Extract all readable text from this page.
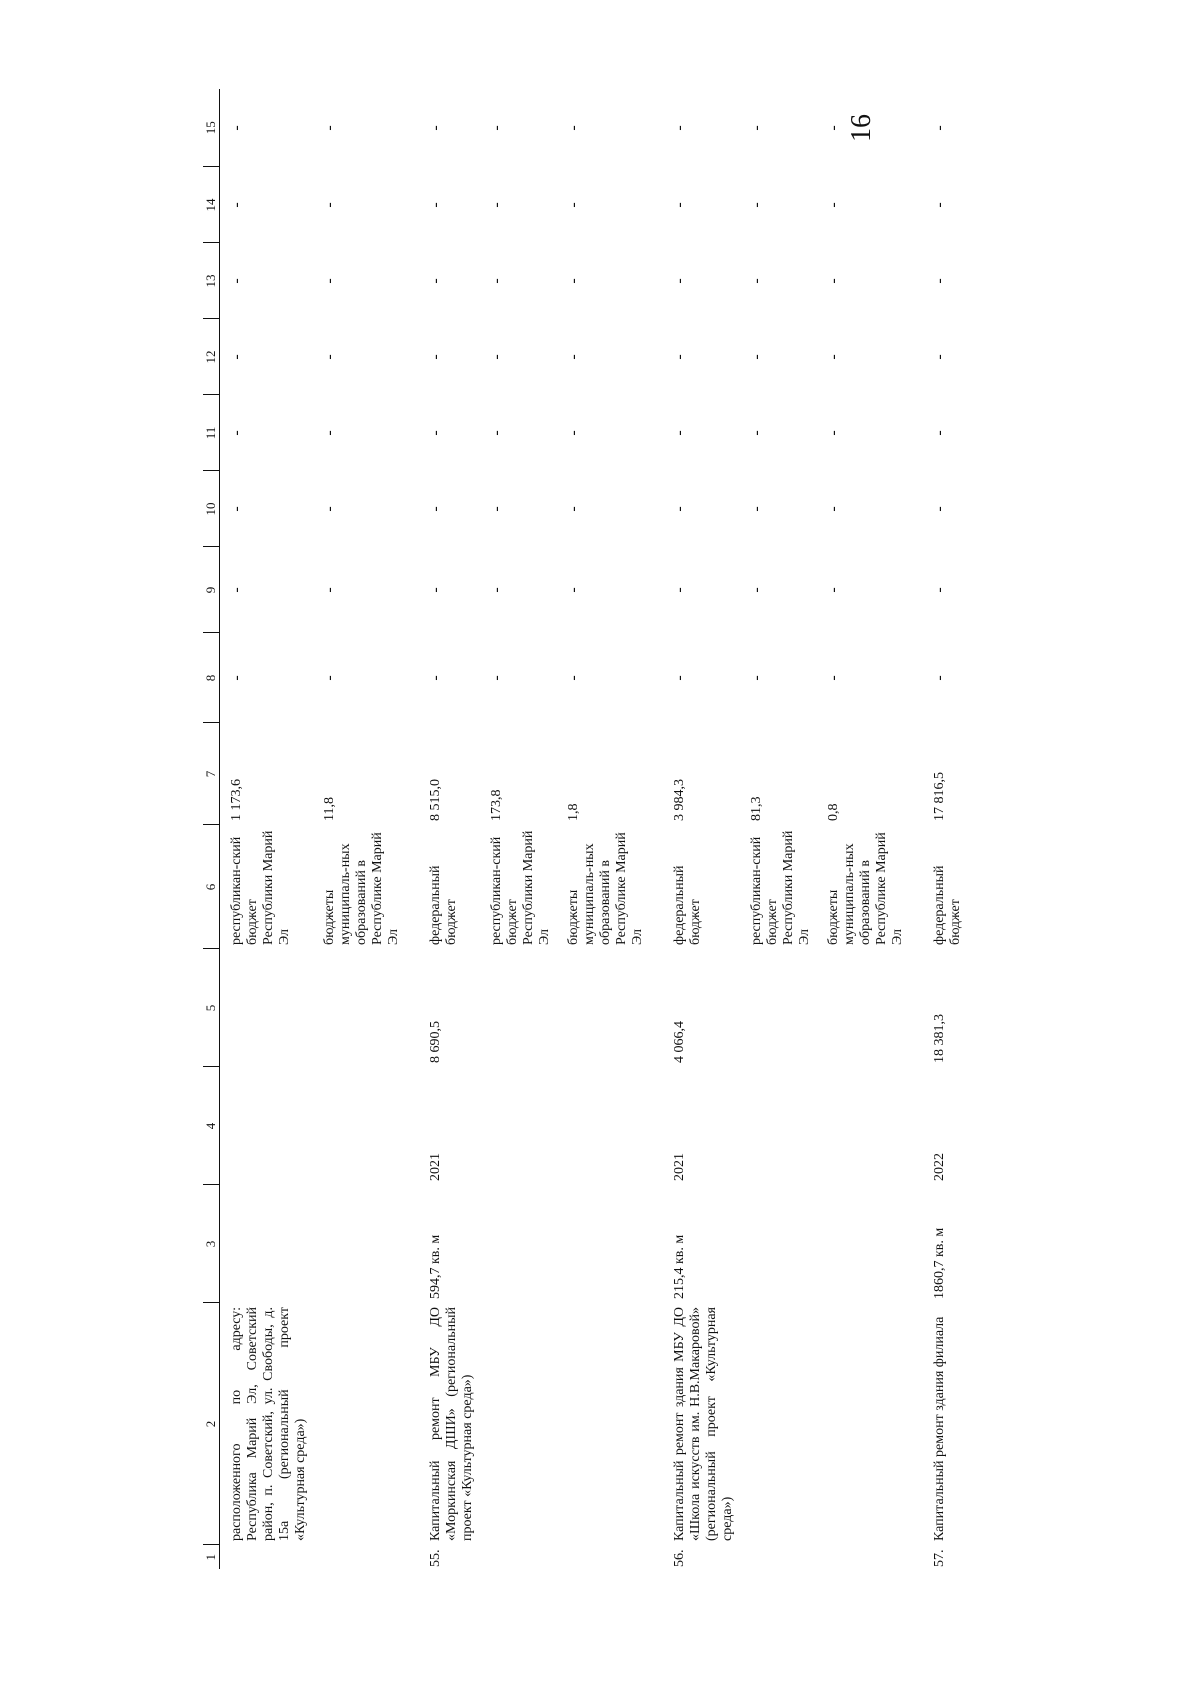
16
1	2	3	4	5	6	7	8	9	10	11	12	13	14	15
	расположенного по адресу: Республика Марий Эл, Советский район, п. Советский, ул. Свободы, д. 15а (региональный проект «Культурная среда»)				республикан-ский бюджет Республики Марий Эл	1 173,6	-	-	-	-	-	-	-	-
					бюджеты муниципаль-ных образований в Республике Марий Эл	11,8	-	-	-	-	-	-	-	-
55.	Капитальный ремонт МБУ ДО «Моркинская ДШИ» (региональный проект «Культурная среда»)	594,7 кв. м	2021	8 690,5	федеральный бюджет	8 515,0	-	-	-	-	-	-	-	-
					республикан-ский бюджет Республики Марий Эл	173,8	-	-	-	-	-	-	-	-
					бюджеты муниципаль-ных образований в Республике Марий Эл	1,8	-	-	-	-	-	-	-	-
56.	Капитальный ремонт здания МБУ ДО «Школа искусств им. Н.В.Макаровой» (региональный проект «Культурная среда»)	215,4 кв. м	2021	4 066,4	федеральный бюджет	3 984,3	-	-	-	-	-	-	-	-
					республикан-ский бюджет Республики Марий Эл	81,3	-	-	-	-	-	-	-	-
					бюджеты муниципаль-ных образований в Республике Марий Эл	0,8	-	-	-	-	-	-	-	-
57.	Капитальный ремонт здания филиала	1860,7 кв. м	2022	18 381,3	федеральный бюджет	17 816,5	-	-	-	-	-	-	-	-
